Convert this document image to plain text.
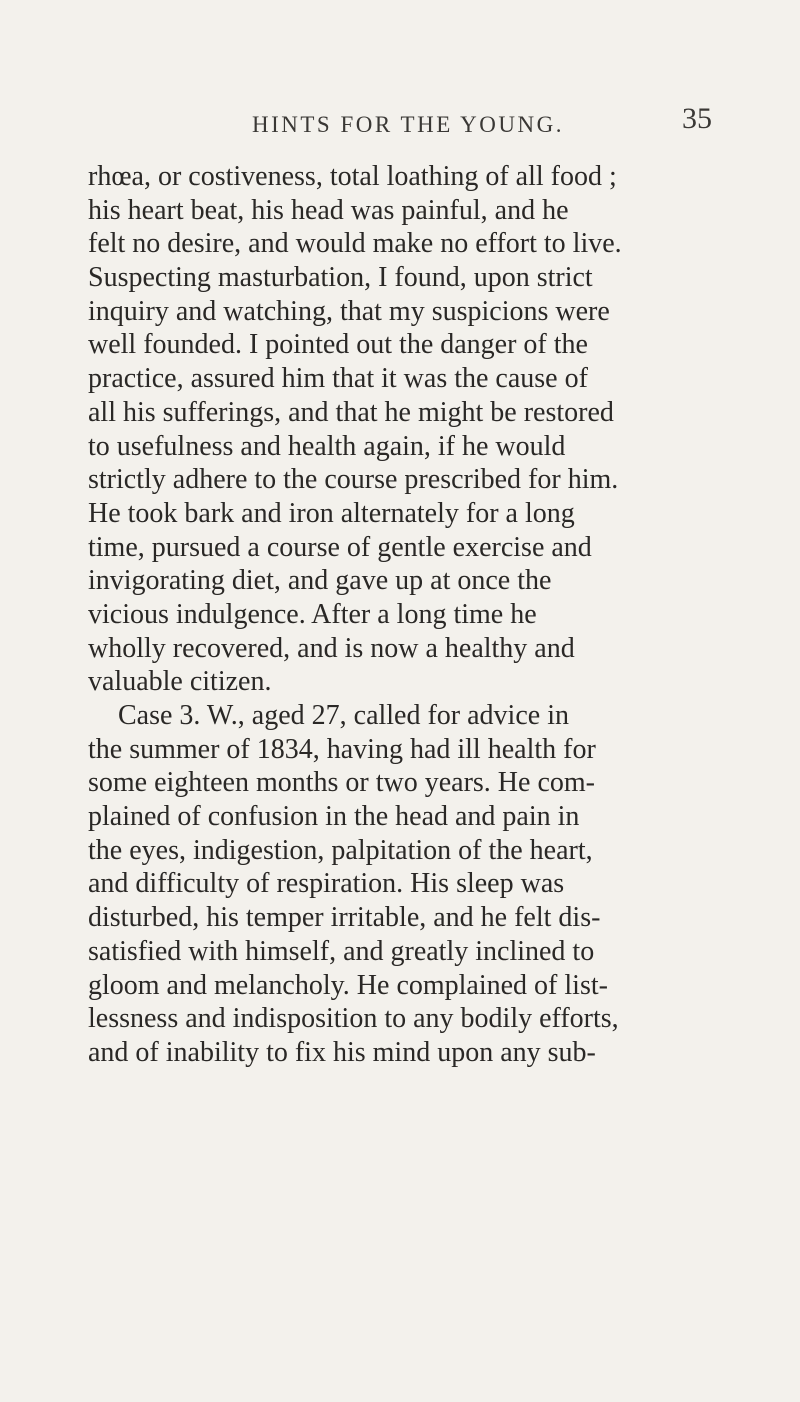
HINTS FOR THE YOUNG.	35
rhœa, or costiveness, total loathing of all food ;
his heart beat, his head was painful, and he
felt no desire, and would make no effort to live.
Suspecting masturbation, I found, upon strict
inquiry and watching, that my suspicions were
well founded. I pointed out the danger of the
practice, assured him that it was the cause of
all his sufferings, and that he might be restored
to usefulness and health again, if he would
strictly adhere to the course prescribed for him.
He took bark and iron alternately for a long
time, pursued a course of gentle exercise and
invigorating diet, and gave up at once the
vicious indulgence. After a long time he
wholly recovered, and is now a healthy and
valuable citizen.
Case 3. W., aged 27, called for advice in
the summer of 1834, having had ill health for
some eighteen months or two years. He com-
plained of confusion in the head and pain in
the eyes, indigestion, palpitation of the heart,
and difficulty of respiration. His sleep was
disturbed, his temper irritable, and he felt dis-
satisfied with himself, and greatly inclined to
gloom and melancholy. He complained of list-
lessness and indisposition to any bodily efforts,
and of inability to fix his mind upon any sub-
